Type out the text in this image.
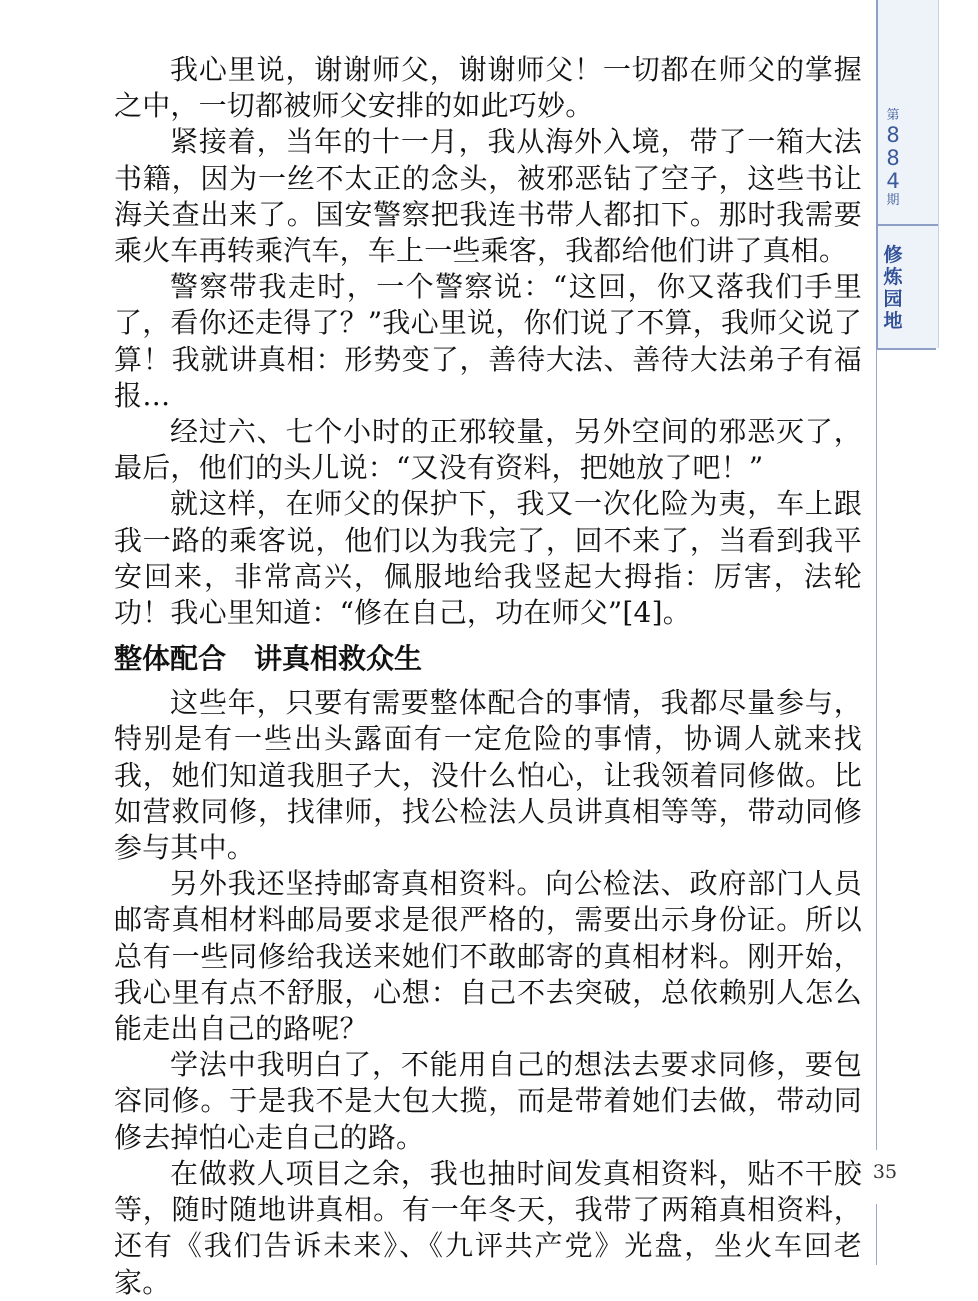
我心里说，谢谢师父，谢谢师父！一切都在师父的掌握之中，一切都被师父安排的如此巧妙。

紧接着，当年的十一月，我从海外入境，带了一箱大法书籍，因为一丝不太正的念头，被邪恶钻了空子，这些书让海关查出来了。国安警察把我连书带人都扣下。那时我需要乘火车再转乘汽车，车上一些乘客，我都给他们讲了真相。

警察带我走时，一个警察说：“这回，你又落我们手里了，看你还走得了？”我心里说，你们说了不算，我师父说了算！我就讲真相：形势变了，善待大法、善待大法弟子有福报…

经过六、七个小时的正邪较量，另外空间的邪恶灭了，最后，他们的头儿说：“又没有资料，把她放了吧！”

就这样，在师父的保护下，我又一次化险为夷，车上跟我一路的乘客说，他们以为我完了，回不来了，当看到我平安回来，非常高兴，佩服地给我竖起大拇指：厉害，法轮功！我心里知道：“修在自己，功在师父”[4]。

整体配合　讲真相救众生

这些年，只要有需要整体配合的事情，我都尽量参与，特别是有一些出头露面有一定危险的事情，协调人就来找我，她们知道我胆子大，没什么怕心，让我领着同修做。比如营救同修，找律师，找公检法人员讲真相等等，带动同修参与其中。

另外我还坚持邮寄真相资料。向公检法、政府部门人员邮寄真相材料邮局要求是很严格的，需要出示身份证。所以总有一些同修给我送来她们不敢邮寄的真相材料。刚开始，我心里有点不舒服，心想：自己不去突破，总依赖别人怎么能走出自己的路呢？

学法中我明白了，不能用自己的想法去要求同修，要包容同修。于是我不是大包大揽，而是带着她们去做，带动同修去掉怕心走自己的路。

在做救人项目之余，我也抽时间发真相资料，贴不干胶等，随时随地讲真相。有一年冬天，我带了两箱真相资料，还有《我们告诉未来》、《九评共产党》光盘，坐火车回老家。

第
8
8
4
期
修
炼
园
地
35
